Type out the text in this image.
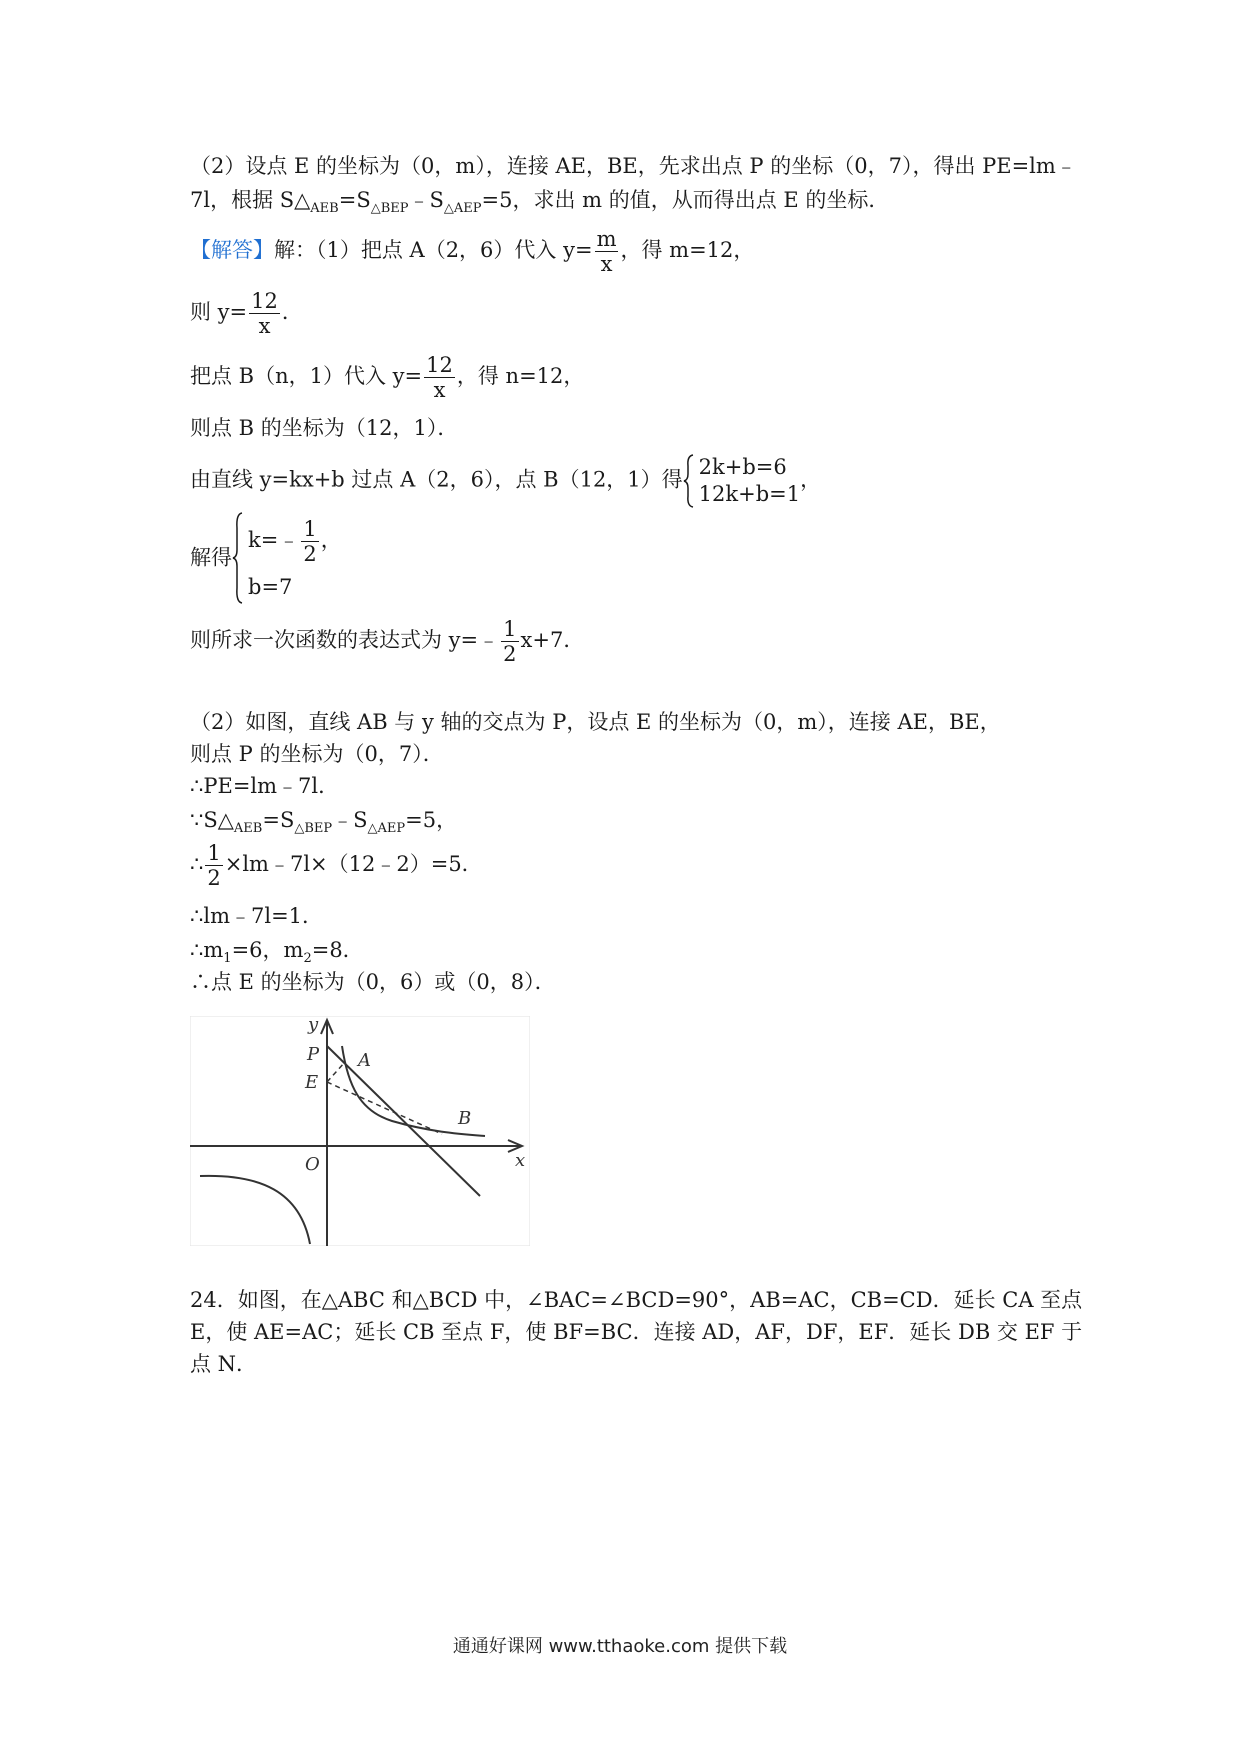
（2）设点 E 的坐标为（0，m），连接 AE，BE，先求出点 P 的坐标（0，7），得出 PE=lm﹣
7l，根据 $S\triangle_{AEB}=S_{\triangle BEP}﹣S_{\triangle AEP}=5$，求出 m 的值，从而得出点 E 的坐标．
【解答】解：（1）把点 A（2，6）代入 $y= \frac{m}{x}$ ，得 m=12，
则 $y= \frac{12}{x}$ ．
把点 B（n，1）代入 $y= \frac{12}{x}$ ，得 n=12，
则点 B 的坐标为（12，1）．
由直线 y=kx+b 过点 A（2，6），点 B（12，1）得
2k+b=6
12k+b=1
，
解得
k=﹣ $\frac{1}{2}$ ，
b=7
则所求一次函数的表达式为 y=﹣ $\frac{1}{2} x+7$．
（2）如图，直线 AB 与 y 轴的交点为 P，设点 E 的坐标为（0，m），连接 AE，BE，
则点 P 的坐标为（0，7）．
∴PE=lm﹣7l．
$\because S\triangle_{AEB}=S_{\triangle BEP}﹣S_{\triangle AEP}=5$，
∴ $\frac{1}{2}$ ×lm﹣7l×（12﹣2）=5．
∴lm﹣7l=1．
$\therefore m_1=6$，$m_2=8$．
∴点 E 的坐标为（0，6）或（0，8）．
y
x
O
P A
E
B
24．如图，在△ABC 和△BCD 中，∠BAC=∠BCD=90°，AB=AC，CB=CD．延长 CA 至点
E，使 AE=AC；延长 CB 至点 F，使 BF=BC．连接 AD，AF，DF，EF．延长 DB 交 EF 于
点 N．
通通好课网 www.tthaoke.com 提供下载
